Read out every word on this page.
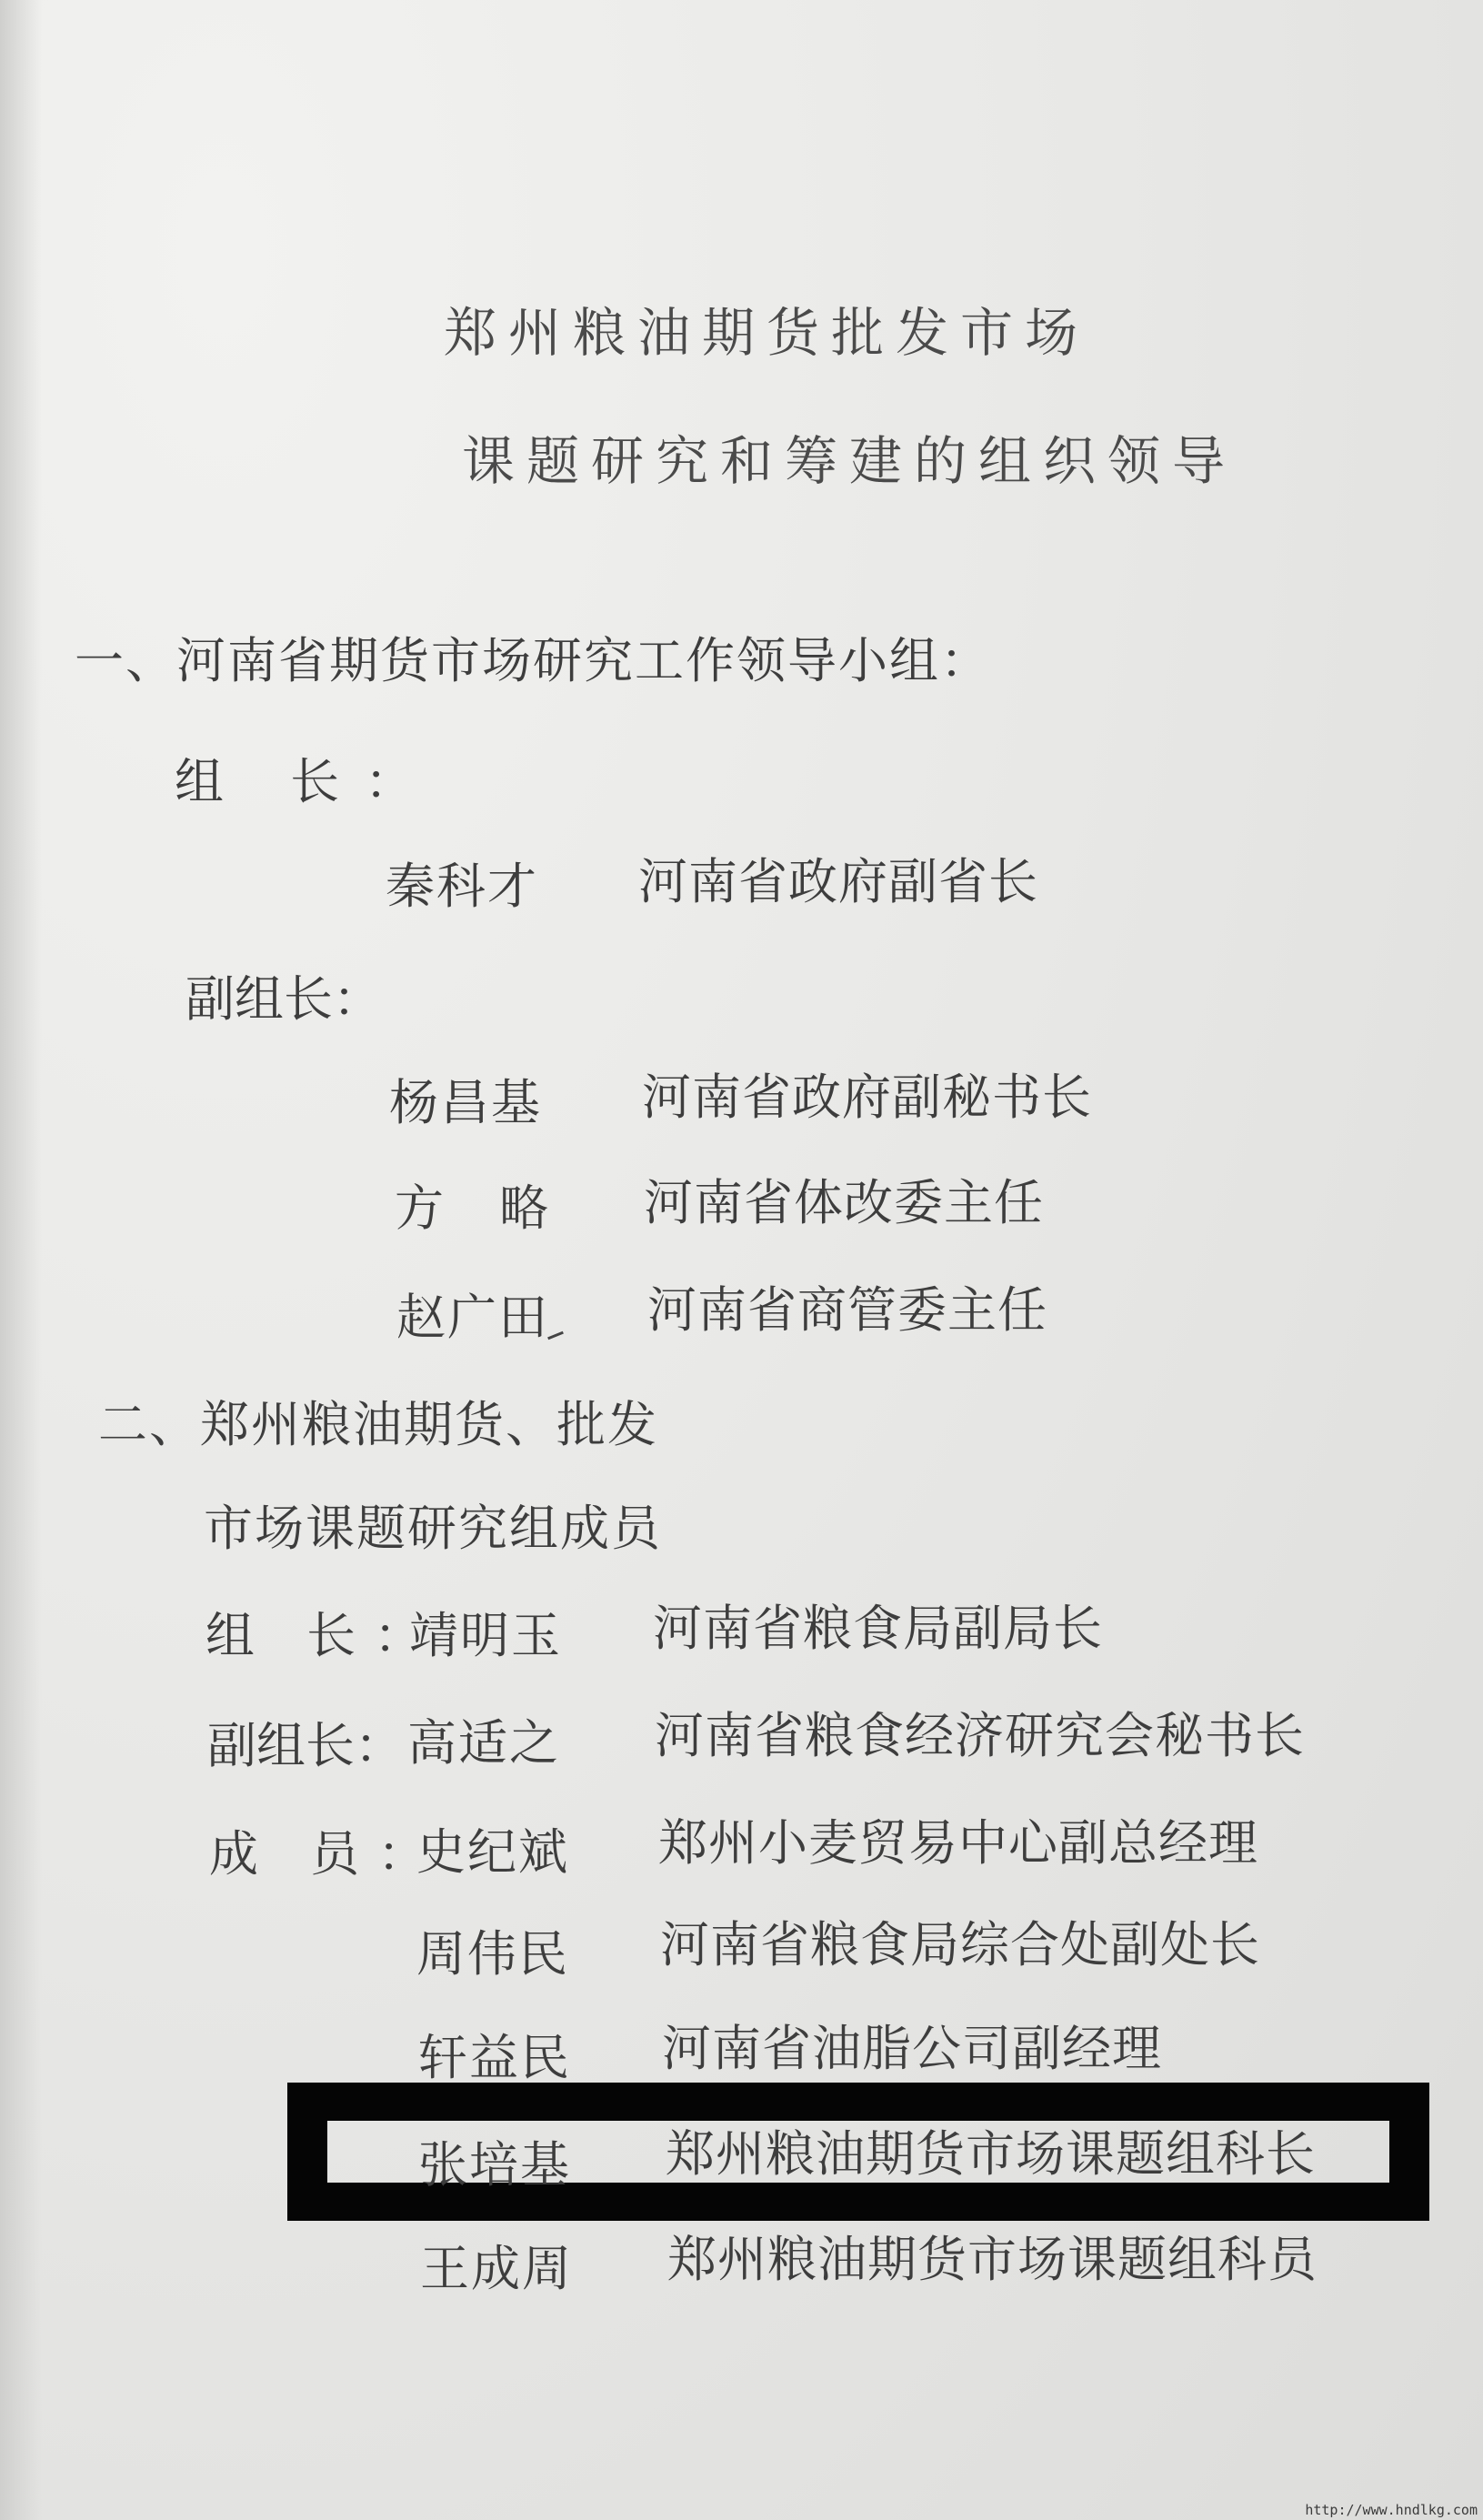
郑州粮油期货批发市场
课题研究和筹建的组织领导
一、河南省期货市场研究工作领导小组：
组 长：
秦科才 河南省政府副省长
副组长：
杨昌基 河南省政府副秘书长
方 略 河南省体改委主任
赵广田 河南省商管委主任
二、郑州粮油期货、批发
市场课题研究组成员
组 长：
靖明玉 河南省粮食局副局长
副组长： 高适之 河南省粮食经济研究会秘书长
成 员：
史纪斌 郑州小麦贸易中心副总经理
周伟民 河南省粮食局综合处副处长
轩益民 河南省油脂公司副经理
张培基 郑州粮油期货市场课题组科长
王成周 郑州粮油期货市场课题组科员
http://www.hndlkg.com
